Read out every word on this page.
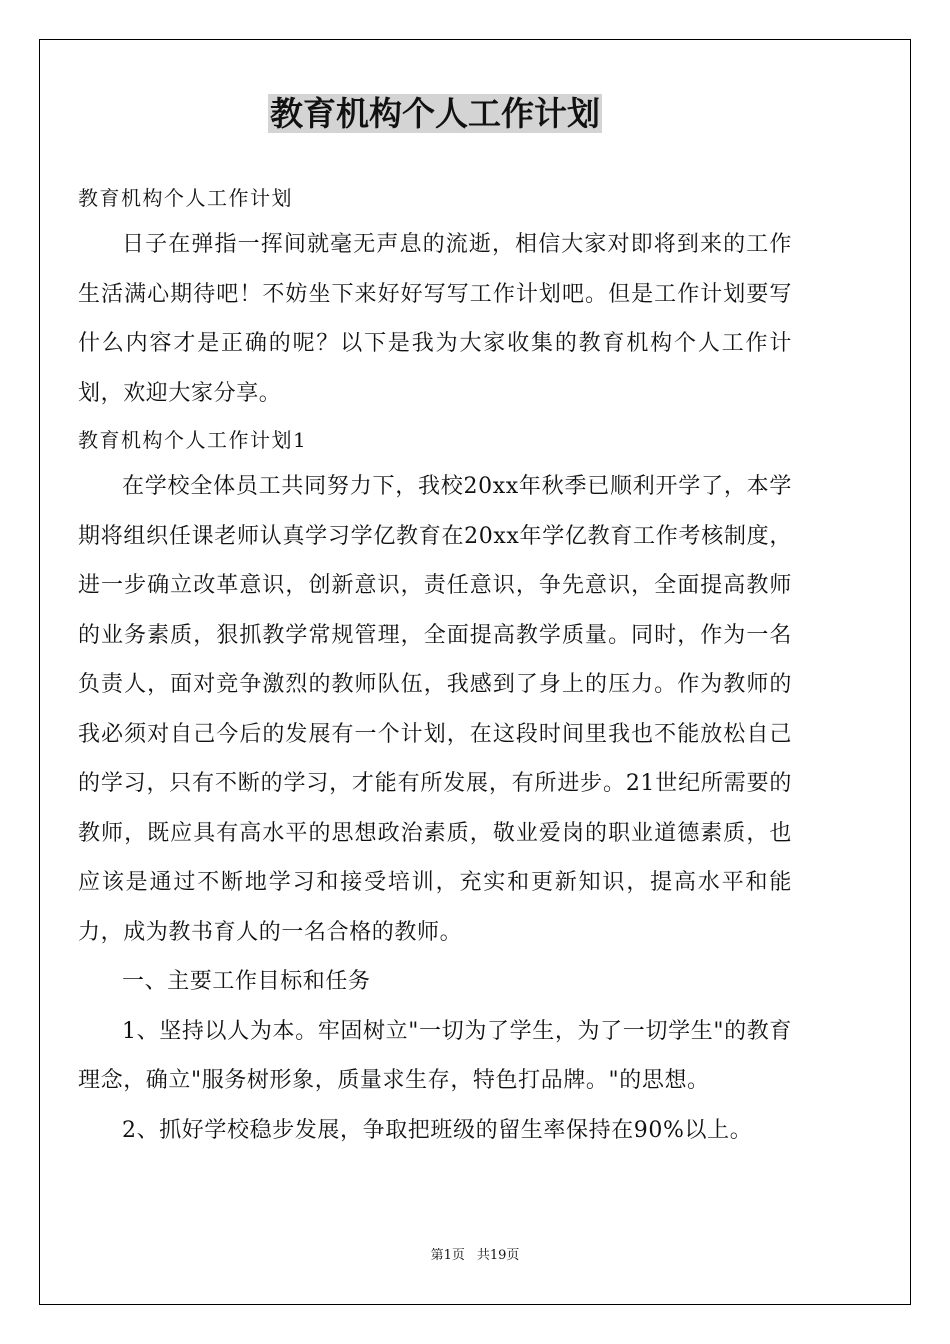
教育机构个人工作计划

教育机构个人工作计划

日子在弹指一挥间就毫无声息的流逝，相信大家对即将到来的工作生活满心期待吧！不妨坐下来好好写写工作计划吧。但是工作计划要写什么内容才是正确的呢？以下是我为大家收集的教育机构个人工作计划，欢迎大家分享。

教育机构个人工作计划1

在学校全体员工共同努力下，我校20xx年秋季已顺利开学了，本学期将组织任课老师认真学习学亿教育在20xx年学亿教育工作考核制度，进一步确立改革意识，创新意识，责任意识，争先意识，全面提高教师的业务素质，狠抓教学常规管理，全面提高教学质量。同时，作为一名负责人，面对竞争激烈的教师队伍，我感到了身上的压力。作为教师的我必须对自己今后的发展有一个计划，在这段时间里我也不能放松自己的学习，只有不断的学习，才能有所发展，有所进步。21世纪所需要的教师，既应具有高水平的思想政治素质，敬业爱岗的职业道德素质，也应该是通过不断地学习和接受培训，充实和更新知识，提高水平和能力，成为教书育人的一名合格的教师。

一、主要工作目标和任务

1、坚持以人为本。牢固树立"一切为了学生，为了一切学生"的教育理念，确立"服务树形象，质量求生存，特色打品牌。"的思想。

2、抓好学校稳步发展，争取把班级的留生率保持在90%以上。

第1页 共19页
